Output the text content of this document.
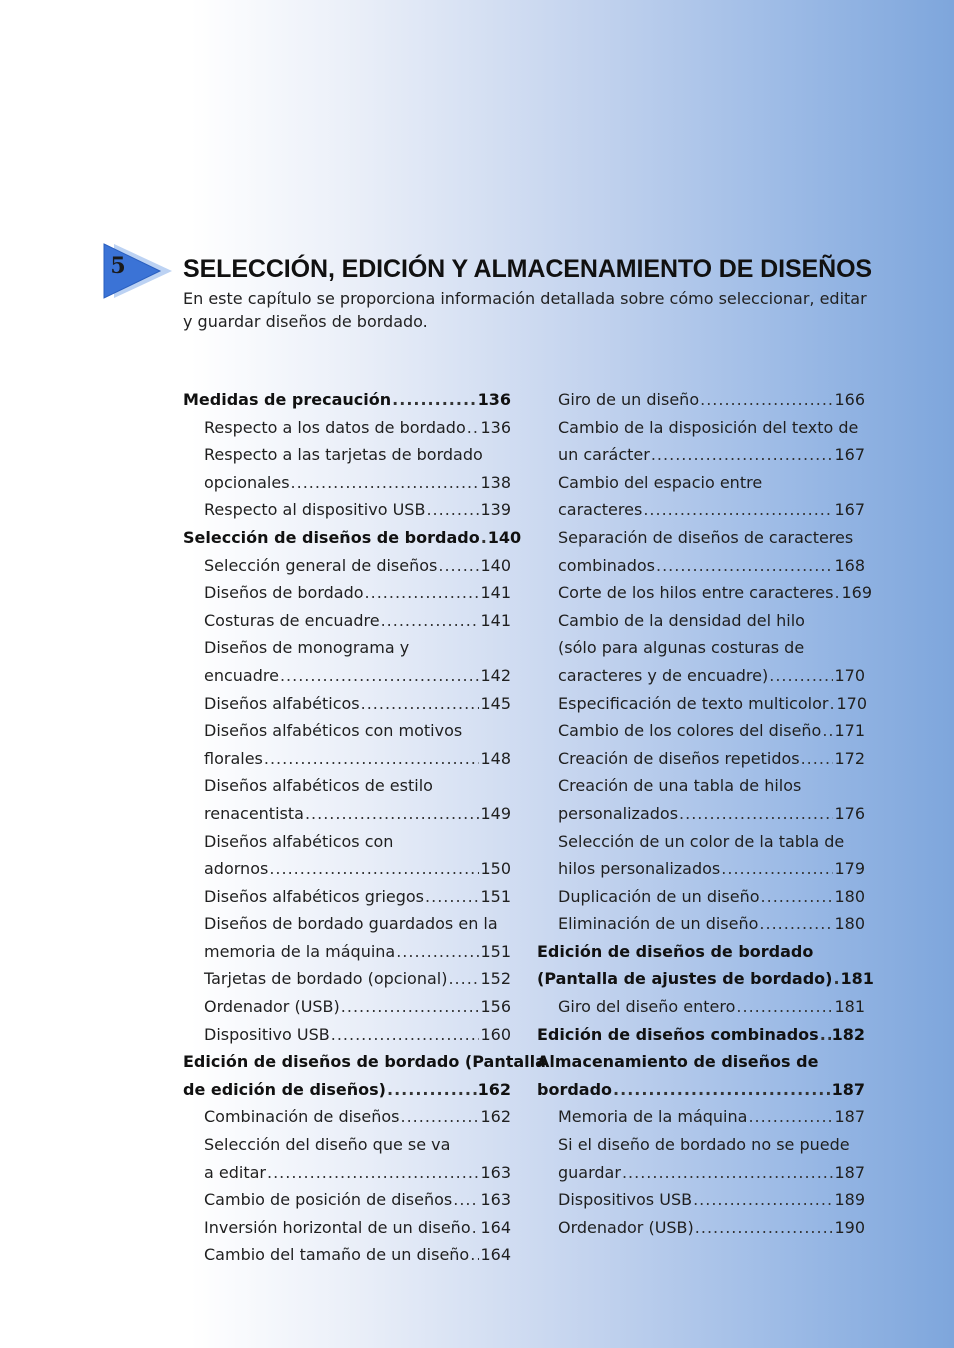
5 SELECCIÓN, EDICIÓN Y ALMACENAMIENTO DE DISEÑOS

En este capítulo se proporciona información detallada sobre cómo seleccionar, editar y guardar diseños de bordado.

Medidas de precaución .....	136
Respecto a los datos de bordado ..... 136
Respecto a las tarjetas de bordado
opcionales .....	138
Respecto al dispositivo USB .....	139
Selección de diseños de bordado ..... 140
Selección general de diseños .....	140
Diseños de bordado .....	141
Costuras de encuadre .....	141
Diseños de monograma y
encuadre .....	142
Diseños alfabéticos .....	145
Diseños alfabéticos con motivos
florales .....	148
Diseños alfabéticos de estilo
renacentista .....	149
Diseños alfabéticos con
adornos .....	150
Diseños alfabéticos griegos .....	151
Diseños de bordado guardados en la
memoria de la máquina .....	151
Tarjetas de bordado (opcional) ..... 152
Ordenador (USB) .....	156
Dispositivo USB .....	160
Edición de diseños de bordado (Pantalla
de edición de diseños) .....	162
Combinación de diseños .....	162
Selección del diseño que se va
a editar .....	163
Cambio de posición de diseños ..... 163
Inversión horizontal de un diseño ..... 164
Cambio del tamaño de un diseño ..... 164
Giro de un diseño .....	166
Cambio de la disposición del texto de
un carácter .....	167
Cambio del espacio entre
caracteres .....	167
Separación de diseños de caracteres
combinados .....	168
Corte de los hilos entre caracteres ..... 169
Cambio de la densidad del hilo
(sólo para algunas costuras de
caracteres y de encuadre) .....	170
Especificación de texto multicolor ..... 170
Cambio de los colores del diseño ..... 171
Creación de diseños repetidos ..... 172
Creación de una tabla de hilos
personalizados .....	176
Selección de un color de la tabla de
hilos personalizados .....	179
Duplicación de un diseño .....	180
Eliminación de un diseño .....	180
Edición de diseños de bordado
(Pantalla de ajustes de bordado) ..... 181
Giro del diseño entero .....	181
Edición de diseños combinados ..... 182
Almacenamiento de diseños de
bordado .....	187
Memoria de la máquina .....	187
Si el diseño de bordado no se puede
guardar .....	187
Dispositivos USB .....	189
Ordenador (USB) .....	190
